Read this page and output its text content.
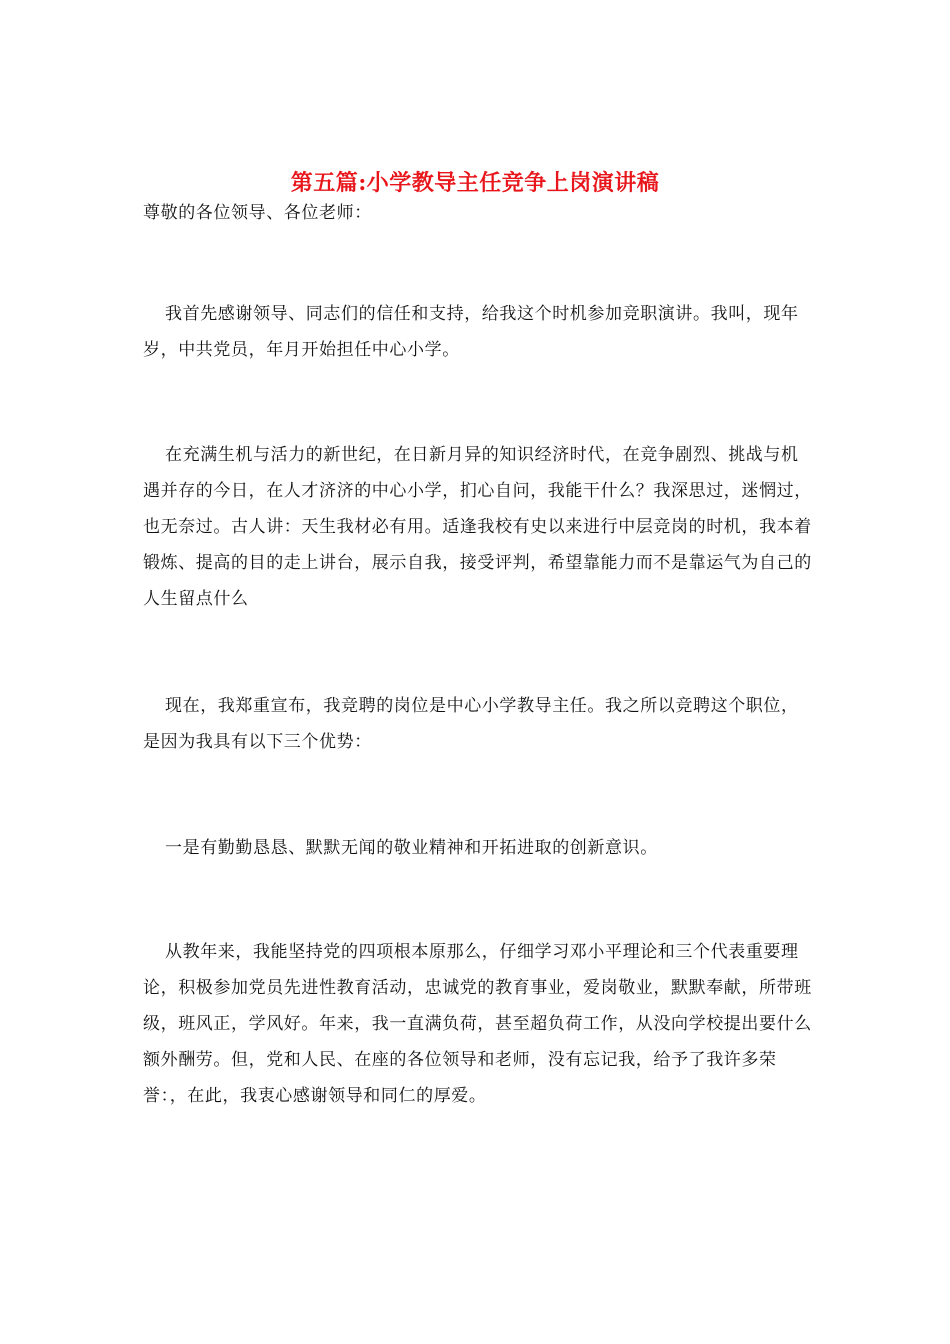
第五篇:小学教导主任竞争上岗演讲稿

尊敬的各位领导、各位老师：

我首先感谢领导、同志们的信任和支持，给我这个时机参加竞职演讲。我叫，现年岁，中共党员，年月开始担任中心小学。

在充满生机与活力的新世纪，在日新月异的知识经济时代，在竞争剧烈、挑战与机遇并存的今日，在人才济济的中心小学，扪心自问，我能干什么？我深思过，迷惘过，也无奈过。古人讲：天生我材必有用。适逢我校有史以来进行中层竞岗的时机，我本着锻炼、提高的目的走上讲台，展示自我，接受评判，希望靠能力而不是靠运气为自己的人生留点什么

现在，我郑重宣布，我竞聘的岗位是中心小学教导主任。我之所以竞聘这个职位，是因为我具有以下三个优势：

一是有勤勤恳恳、默默无闻的敬业精神和开拓进取的创新意识。

从教年来，我能坚持党的四项根本原那么，仔细学习邓小平理论和三个代表重要理论，积极参加党员先进性教育活动，忠诚党的教育事业，爱岗敬业，默默奉献，所带班级，班风正，学风好。年来，我一直满负荷，甚至超负荷工作，从没向学校提出要什么额外酬劳。但，党和人民、在座的各位领导和老师，没有忘记我，给予了我许多荣誉：，在此，我衷心感谢领导和同仁的厚爱。
